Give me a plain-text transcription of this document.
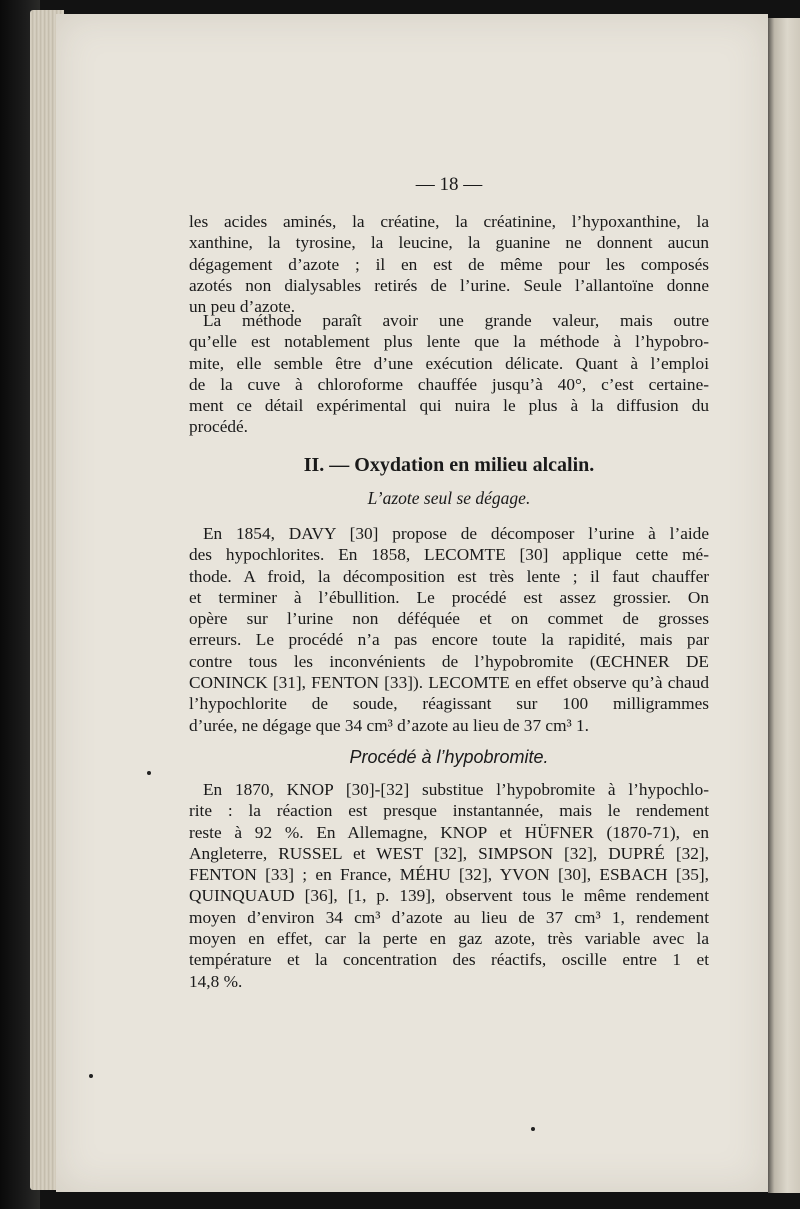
— 18 —
les acides aminés, la créatine, la créatinine, l’hypoxanthine, la
xanthine, la tyrosine, la leucine, la guanine ne donnent aucun
dégagement d’azote ; il en est de même pour les composés
azotés non dialysables retirés de l’urine. Seule l’allantoïne donne
un peu d’azote.
La méthode paraît avoir une grande valeur, mais outre
qu’elle est notablement plus lente que la méthode à l’hypobro-
mite, elle semble être d’une exécution délicate. Quant à l’emploi
de la cuve à chloroforme chauffée jusqu’à 40°, c’est certaine-
ment ce détail expérimental qui nuira le plus à la diffusion du
procédé.
II. — Oxydation en milieu alcalin.
L’azote seul se dégage.
En 1854, DAVY [30] propose de décomposer l’urine à l’aide
des hypochlorites. En 1858, LECOMTE [30] applique cette mé-
thode. A froid, la décomposition est très lente ; il faut chauffer
et terminer à l’ébullition. Le procédé est assez grossier. On
opère sur l’urine non déféquée et on commet de grosses
erreurs. Le procédé n’a pas encore toute la rapidité, mais par
contre tous les inconvénients de l’hypobromite (ŒCHNER DE
CONINCK [31], FENTON [33]). LECOMTE en effet observe qu’à chaud
l’hypochlorite de soude, réagissant sur 100 milligrammes
d’urée, ne dégage que 34 cm³ d’azote au lieu de 37 cm³ 1.
Procédé à l’hypobromite.
En 1870, KNOP [30]-[32] substitue l’hypobromite à l’hypochlo-
rite : la réaction est presque instantannée, mais le rendement
reste à 92 %. En Allemagne, KNOP et HÜFNER (1870-71), en
Angleterre, RUSSEL et WEST [32], SIMPSON [32], DUPRÉ [32],
FENTON [33] ; en France, MÉHU [32], YVON [30], ESBACH [35],
QUINQUAUD [36], [1, p. 139], observent tous le même rendement
moyen d’environ 34 cm³ d’azote au lieu de 37 cm³ 1, rendement
moyen en effet, car la perte en gaz azote, très variable avec la
température et la concentration des réactifs, oscille entre 1 et
14,8 %.
